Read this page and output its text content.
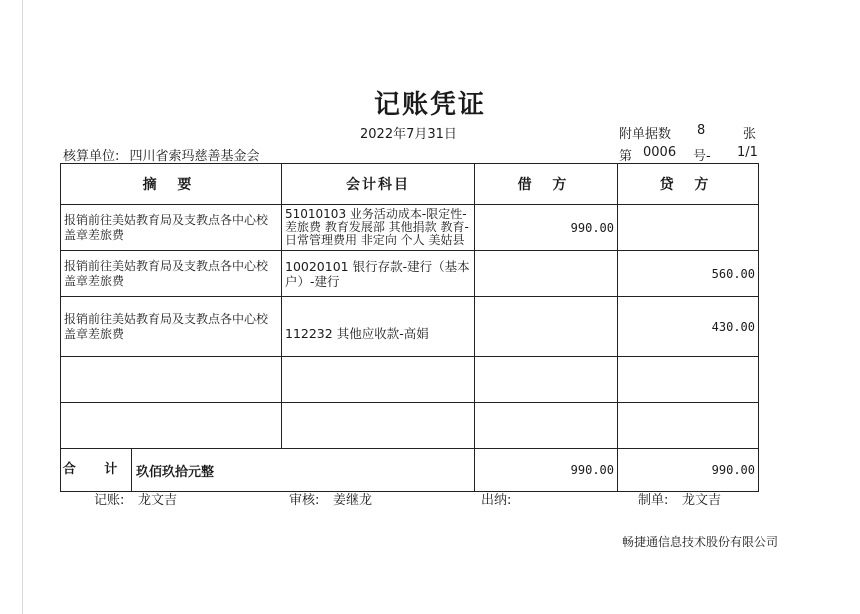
记账凭证
2022年7月31日	附单据数 8	张
核算单位: 四川省索玛慈善基金会	第 0006 号- 1/1
摘 要	会计科目	借 方	贷 方
报销前往美姑教育局及支教点各中心校盖章差旅费	51010103 业务活动成本-限定性-差旅费 教育发展部 其他捐款 教育-日常管理费用 非定向 个人 美姑县	990.00	
报销前往美姑教育局及支教点各中心校盖章差旅费	10020101 银行存款-建行（基本户）-建行		560.00
报销前往美姑教育局及支教点各中心校盖章差旅费	112232 其他应收款-高娟		430.00

合 计 玖佰玖拾元整		990.00	990.00
记账: 龙文吉	审核: 姜继龙	出纳:	制单: 龙文吉
畅捷通信息技术股份有限公司
